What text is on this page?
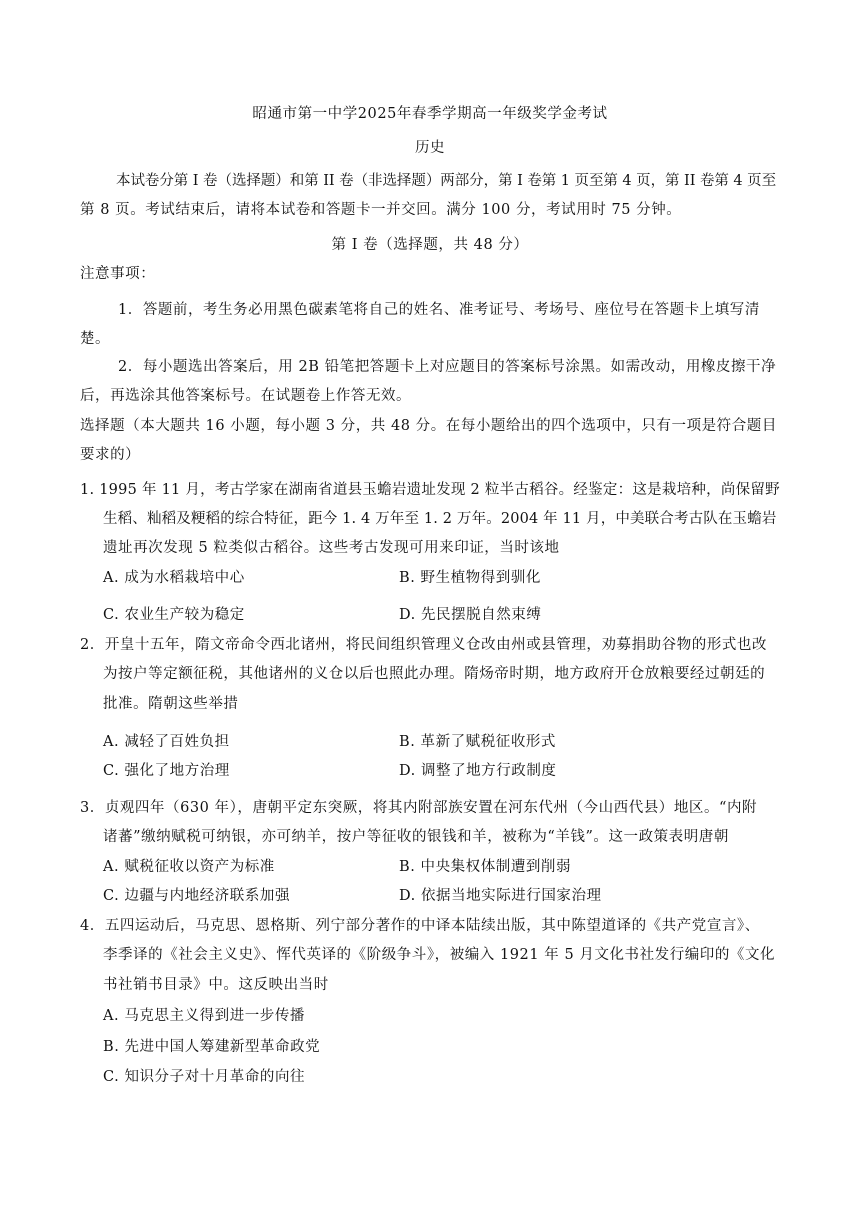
昭通市第一中学2025年春季学期高一年级奖学金考试
历史
本试卷分第 I 卷（选择题）和第 II 卷（非选择题）两部分，第 I 卷第 1 页至第 4 页，第 II 卷第 4 页至
第 8 页。考试结束后，请将本试卷和答题卡一并交回。满分 100 分，考试用时 75 分钟。
第 I 卷（选择题，共 48 分）
注意事项：
1．答题前，考生务必用黑色碳素笔将自己的姓名、准考证号、考场号、座位号在答题卡上填写清
楚。
2．每小题选出答案后，用 2B 铅笔把答题卡上对应题目的答案标号涂黑。如需改动，用橡皮擦干净
后，再选涂其他答案标号。在试题卷上作答无效。
选择题（本大题共 16 小题，每小题 3 分，共 48 分。在每小题给出的四个选项中，只有一项是符合题目
要求的）
1. 1995 年 11 月，考古学家在湖南省道县玉蟾岩遗址发现 2 粒半古稻谷。经鉴定：这是栽培种，尚保留野
生稻、籼稻及粳稻的综合特征，距今 1. 4 万年至 1. 2 万年。2004 年 11 月，中美联合考古队在玉蟾岩
遗址再次发现 5 粒类似古稻谷。这些考古发现可用来印证，当时该地
A. 成为水稻栽培中心	B. 野生植物得到驯化
C. 农业生产较为稳定	D. 先民摆脱自然束缚
2．开皇十五年，隋文帝命令西北诸州，将民间组织管理义仓改由州或县管理，劝募捐助谷物的形式也改
为按户等定额征税，其他诸州的义仓以后也照此办理。隋炀帝时期，地方政府开仓放粮要经过朝廷的
批准。隋朝这些举措
A. 减轻了百姓负担	B. 革新了赋税征收形式
C. 强化了地方治理	D. 调整了地方行政制度
3．贞观四年（630 年），唐朝平定东突厥，将其内附部族安置在河东代州（今山西代县）地区。“内附
诸蕃”缴纳赋税可纳银，亦可纳羊，按户等征收的银钱和羊，被称为“羊钱”。这一政策表明唐朝
A. 赋税征收以资产为标准	B. 中央集权体制遭到削弱
C. 边疆与内地经济联系加强	D. 依据当地实际进行国家治理
4．五四运动后，马克思、恩格斯、列宁部分著作的中译本陆续出版，其中陈望道译的《共产党宣言》、
李季译的《社会主义史》、恽代英译的《阶级争斗》，被编入 1921 年 5 月文化书社发行编印的《文化
书社销书目录》中。这反映出当时
A. 马克思主义得到进一步传播
B. 先进中国人筹建新型革命政党
C. 知识分子对十月革命的向往
